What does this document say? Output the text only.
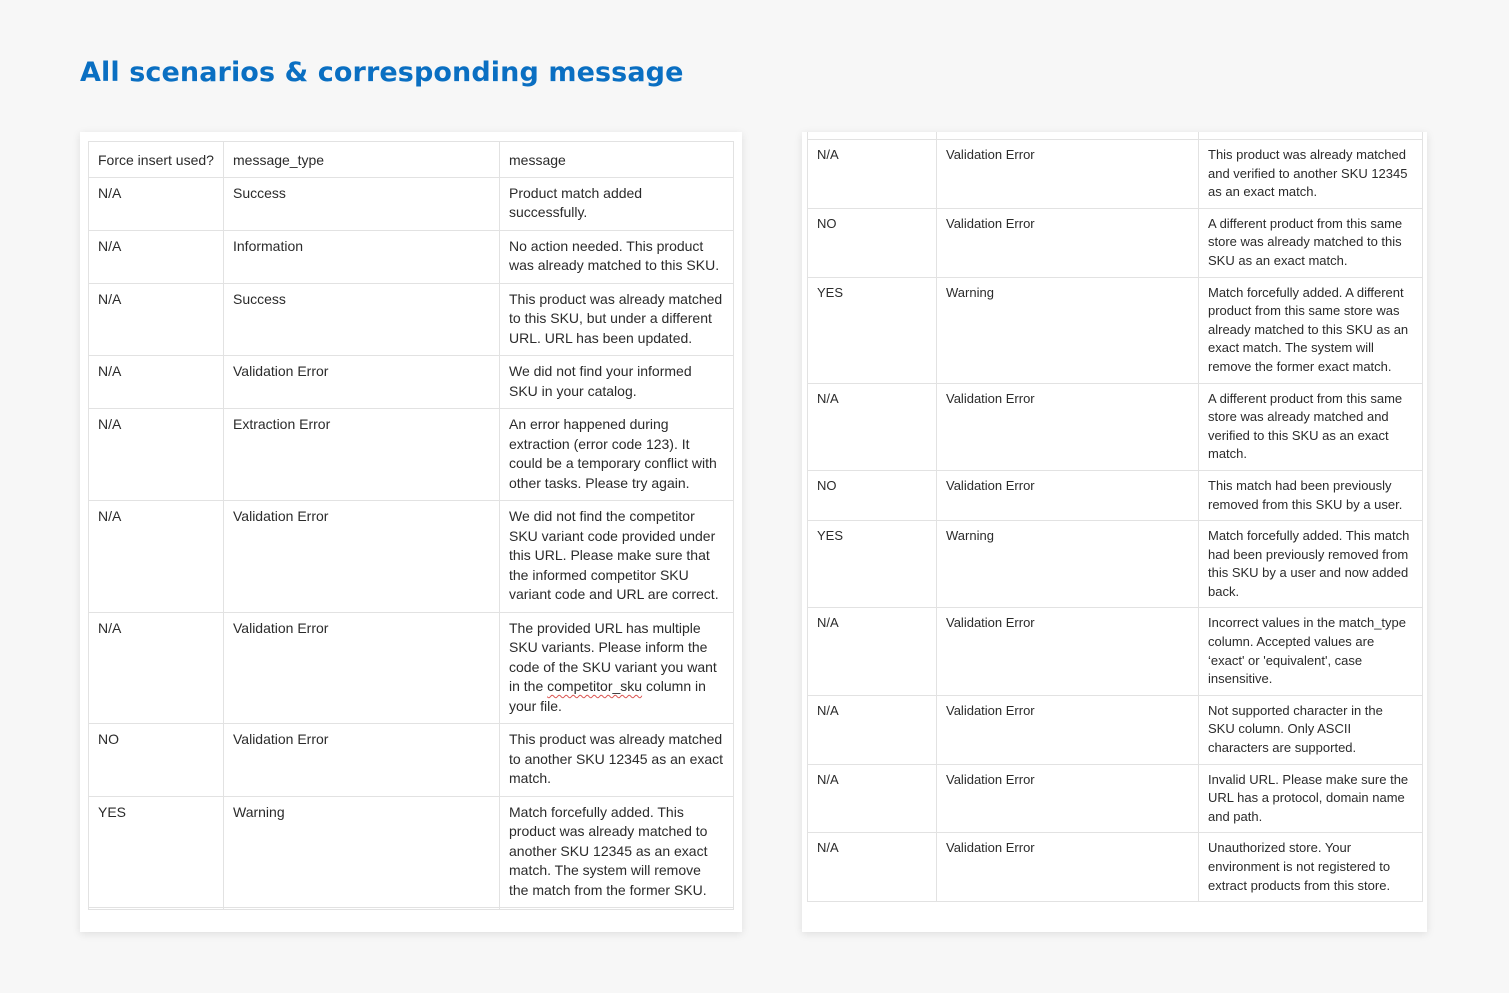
All scenarios & corresponding message
Force insert used?	message_type	message
N/A	Success	Product match added successfully.
N/A	Information	No action needed. This product was already matched to this SKU.
N/A	Success	This product was already matched to this SKU, but under a different URL. URL has been updated.
N/A	Validation Error	We did not find your informed SKU in your catalog.
N/A	Extraction Error	An error happened during extraction (error code 123). It could be a temporary conflict with other tasks. Please try again.
N/A	Validation Error	We did not find the competitor SKU variant code provided under this URL. Please make sure that the informed competitor SKU variant code and URL are correct.
N/A	Validation Error	The provided URL has multiple SKU variants. Please inform the code of the SKU variant you want in the competitor_sku column in your file.
NO	Validation Error	This product was already matched to another SKU 12345 as an exact match.
YES	Warning	Match forcefully added. This product was already matched to another SKU 12345 as an exact match. The system will remove the match from the former SKU.

N/A	Validation Error	This product was already matched and verified to another SKU 12345 as an exact match.
NO	Validation Error	A different product from this same store was already matched to this SKU as an exact match.
YES	Warning	Match forcefully added. A different product from this same store was already matched to this SKU as an exact match. The system will remove the former exact match.
N/A	Validation Error	A different product from this same store was already matched and verified to this SKU as an exact match.
NO	Validation Error	This match had been previously removed from this SKU by a user.
YES	Warning	Match forcefully added. This match had been previously removed from this SKU by a user and now added back.
N/A	Validation Error	Incorrect values in the match_type column. Accepted values are ‘exact' or 'equivalent', case insensitive.
N/A	Validation Error	Not supported character in the SKU column. Only ASCII characters are supported.
N/A	Validation Error	Invalid URL. Please make sure the URL has a protocol, domain name and path.
N/A	Validation Error	Unauthorized store. Your environment is not registered to extract products from this store.
